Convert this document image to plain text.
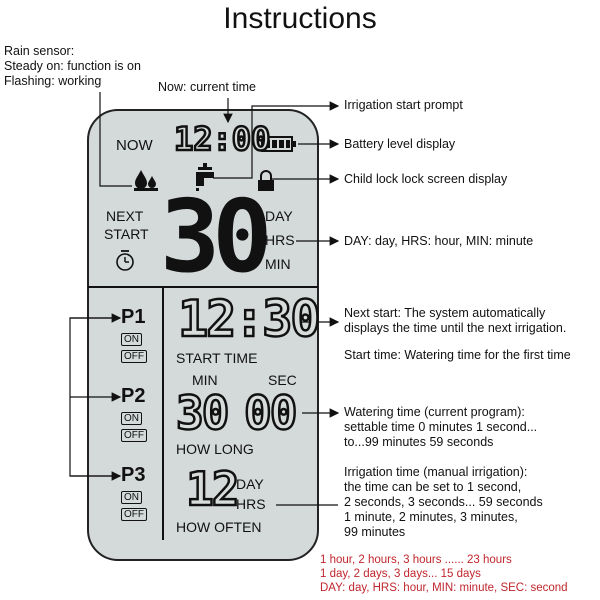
Instructions
Rain sensor:
Steady on: function is on
Flashing: working	Now: current time
Irrigation start prompt
Battery level display
Child lock lock screen display
DAY: day, HRS: hour, MIN: minute
Next start: The system automatically
displays the time until the next irrigation.
Start time: Watering time for the first time
Watering time (current program):
settable time 0 minutes 1 second...
to...99 minutes 59 seconds
Irrigation time (manual irrigation):
the time can be set to 1 second,
2 seconds, 3 seconds... 59 seconds
1 minute, 2 minutes, 3 minutes,
99 minutes
1 hour, 2 hours, 3 hours ...... 23 hours
1 day, 2 days, 3 days... 15 days
DAY: day, HRS: hour, MIN: minute, SEC: second
NOW 12:00
NEXT
START 30 DAY
HRS
MIN
P1
ON
OFF
P2
ON
OFF
P3
ON
OFF
12:30
START TIME
MIN	SEC
30 00
HOW LONG
12
DAY
HRS
HOW OFTEN
